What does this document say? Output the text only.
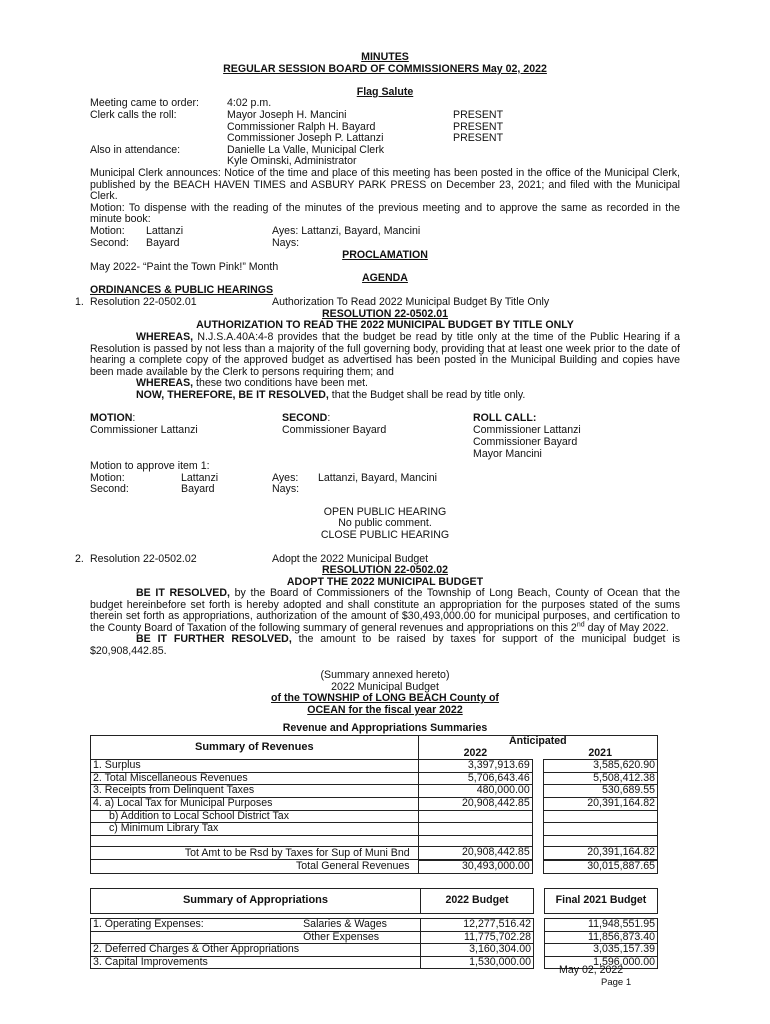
MINUTES
REGULAR SESSION BOARD OF COMMISSIONERS May 02, 2022
Flag Salute
Meeting came to order:	4:02 p.m.
Clerk calls the roll:	Mayor Joseph H. Mancini	PRESENT
Commissioner Ralph H. Bayard	PRESENT
Commissioner Joseph P. Lattanzi	PRESENT
Also in attendance:	Danielle La Valle, Municipal Clerk
Kyle Ominski, Administrator

Municipal Clerk announces: Notice of the time and place of this meeting has been posted in the office of the Municipal Clerk, published by the BEACH HAVEN TIMES and ASBURY PARK PRESS on December 23, 2021; and filed with the Municipal Clerk.

Motion: To dispense with the reading of the minutes of the previous meeting and to approve the same as recorded in the minute book:

Motion: Lattanzi	Ayes: Lattanzi, Bayard, Mancini
Second: Bayard	Nays:
PROCLAMATION
May 2022- “Paint the Town Pink!” Month
AGENDA
ORDINANCES & PUBLIC HEARINGS
1. Resolution 22-0502.01	Authorization To Read 2022 Municipal Budget By Title Only
RESOLUTION 22-0502.01
AUTHORIZATION TO READ THE 2022 MUNICIPAL BUDGET BY TITLE ONLY

WHEREAS, N.J.S.A.40A:4-8 provides that the budget be read by title only at the time of the Public Hearing if a Resolution is passed by not less than a majority of the full governing body, providing that at least one week prior to the date of hearing a complete copy of the approved budget as advertised has been posted in the Municipal Building and copies have been made available by the Clerk to persons requiring them; and

WHEREAS, these two conditions have been met.

NOW, THEREFORE, BE IT RESOLVED, that the Budget shall be read by title only.

MOTION:	SECOND:	ROLL CALL:
Commissioner Lattanzi	Commissioner Bayard	Commissioner Lattanzi
Commissioner Bayard
Mayor Mancini
Motion to approve item 1:
Motion:	Lattanzi	Ayes: Lattanzi, Bayard, Mancini
Second:	Bayard	Nays:
OPEN PUBLIC HEARING
No public comment.
CLOSE PUBLIC HEARING
2. Resolution 22-0502.02	Adopt the 2022 Municipal Budget
RESOLUTION 22-0502.02
ADOPT THE 2022 MUNICIPAL BUDGET

BE IT RESOLVED, by the Board of Commissioners of the Township of Long Beach, County of Ocean that the budget hereinbefore set forth is hereby adopted and shall constitute an appropriation for the purposes stated of the sums therein set forth as appropriations, authorization of the amount of $30,493,000.00 for municipal purposes, and certification to the County Board of Taxation of the following summary of general revenues and appropriations on this 2nd day of May 2022.

BE IT FURTHER RESOLVED, the amount to be raised by taxes for support of the municipal budget is $20,908,442.85.

(Summary annexed hereto)
2022 Municipal Budget
of the TOWNSHIP of LONG BEACH County of
OCEAN for the fiscal year 2022
Revenue and Appropriations Summaries
Summary of Revenues	Anticipated		
	2022		2021
1. Surplus	3,397,913.69		3,585,620.90
2. Total Miscellaneous Revenues	5,706,643.46		5,508,412.38
3. Receipts from Delinquent Taxes	480,000.00		530,689.55
4. a) Local Tax for Municipal Purposes	20,908,442.85		20,391,164.82
b) Addition to Local School District Tax			
c) Minimum Library Tax			

Tot Amt to be Rsd by Taxes for Sup of Muni Bnd	20,908,442.85		20,391,164.82
Total General Revenues	30,493,000.00		30,015,887.65
Summary of Appropriations		2022 Budget		Final 2021 Budget

1. Operating Expenses:	Salaries & Wages	12,277,516.42		11,948,551.95
	Other Expenses	11,775,702.28		11,856,873.40
2. Deferred Charges & Other Appropriations		3,160,304.00		3,035,157.39
3. Capital Improvements		1,530,000.00		1,596,000.00
May 02, 2022
Page 1
